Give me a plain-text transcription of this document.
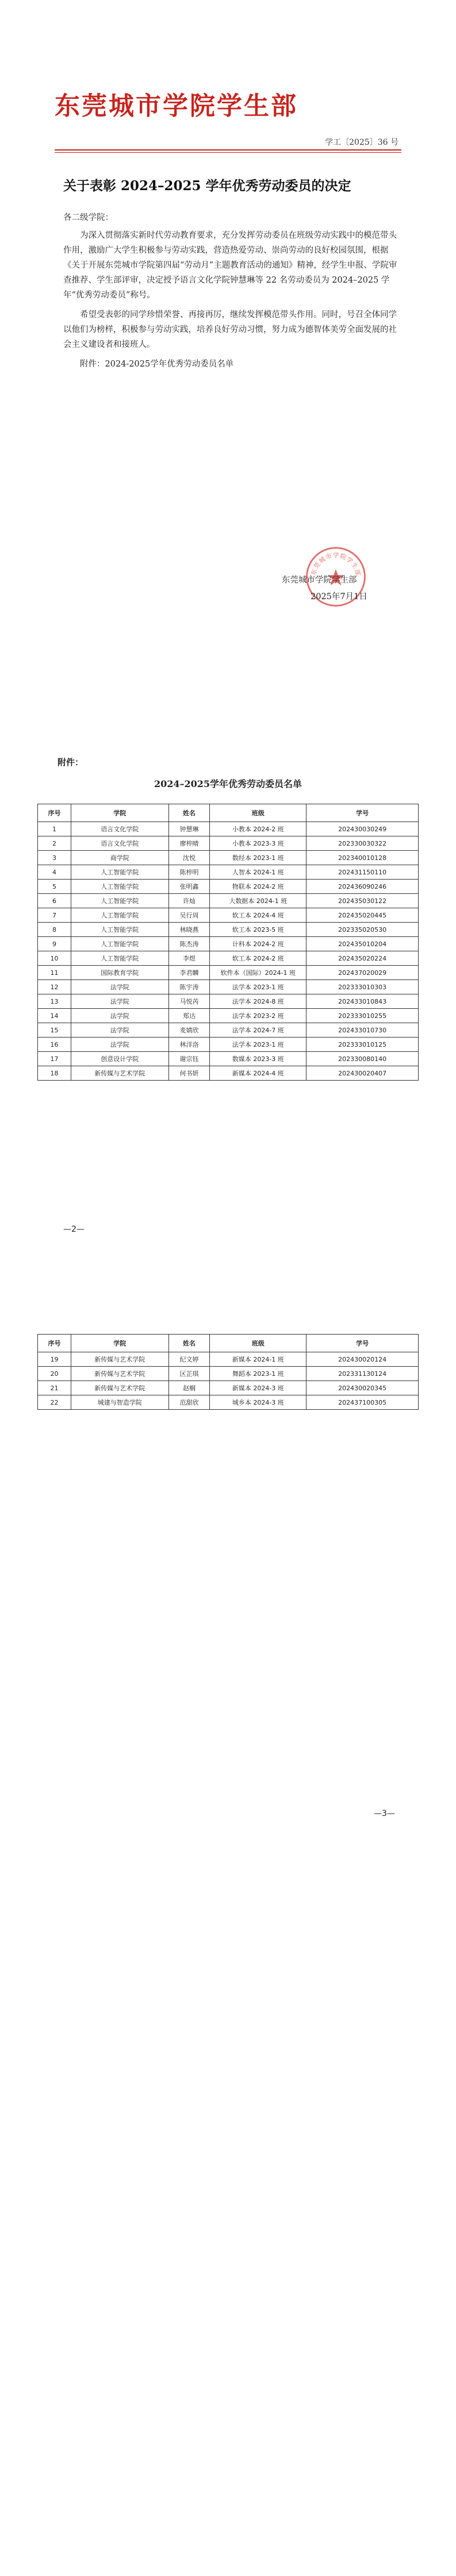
东莞城市学院学生部
学工〔2025〕36 号
关于表彰 2024–2025 学年优秀劳动委员的决定
各二级学院：

为深入贯彻落实新时代劳动教育要求，充分发挥劳动委员在班级劳动实践中的模范带头作用，激励广大学生积极参与劳动实践，营造热爱劳动、崇尚劳动的良好校园氛围，根据《关于开展东莞城市学院第四届“劳动月”主题教育活动的通知》精神，经学生申报、学院审查推荐、学生部评审，决定授予语言文化学院钟慧琳等 22 名劳动委员为 2024–2025 学年“优秀劳动委员”称号。

希望受表彰的同学珍惜荣誉、再接再厉，继续发挥模范带头作用。同时，号召全体同学以他们为榜样，积极参与劳动实践，培养良好劳动习惯，努力成为德智体美劳全面发展的社会主义建设者和接班人。

附件：2024-2025学年优秀劳动委员名单

东莞城市学院学生部
东莞城市学院学生部
2025年7月1日
附件：
2024–2025学年优秀劳动委员名单
序号	学院	姓名	班级	学号
1	语言文化学院	钟慧琳	小教本 2024-2 班	202430030249
2	语言文化学院	廖梓晴	小教本 2023-3 班	202330030322
3	商学院	沈悦	数经本 2023-1 班	202340010128
4	人工智能学院	陈梓明	人智本 2024-1 班	202431150110
5	人工智能学院	张明鑫	物联本 2024-2 班	202436090246
6	人工智能学院	许灿	大数据本 2024-1 班	202435030122
7	人工智能学院	吴行周	软工本 2024-4 班	202435020445
8	人工智能学院	林晓燕	软工本 2023-5 班	202335020530
9	人工智能学院	陈杰涛	计科本 2024-2 班	202435010204
10	人工智能学院	李煜	软工本 2024-2 班	202435020224
11	国际教育学院	李君麟	软件本（国际）2024-1 班	202437020029
12	法学院	陈宇涛	法学本 2023-1 班	202333010303
13	法学院	马悦芮	法学本 2024-8 班	202433010843
14	法学院	郑达	法学本 2023-2 班	202333010255
15	法学院	麦婧欣	法学本 2024-7 班	202433010730
16	法学院	林洋洛	法学本 2023-1 班	202333010125
17	创意设计学院	谢宗钰	数媒本 2023-3 班	202330080140
18	新传媒与艺术学院	何书妍	新媒本 2024-4 班	202430020407
—2—
序号	学院	姓名	班级	学号
19	新传媒与艺术学院	纪文婷	新媒本 2024-1 班	202430020124
20	新传媒与艺术学院	区芷琪	舞蹈本 2023-1 班	202331130124
21	新传媒与艺术学院	赵榈	新媒本 2024-3 班	202430020345
22	城建与智造学院	范甜欣	城乡本 2024-3 班	202437100305
—3—
